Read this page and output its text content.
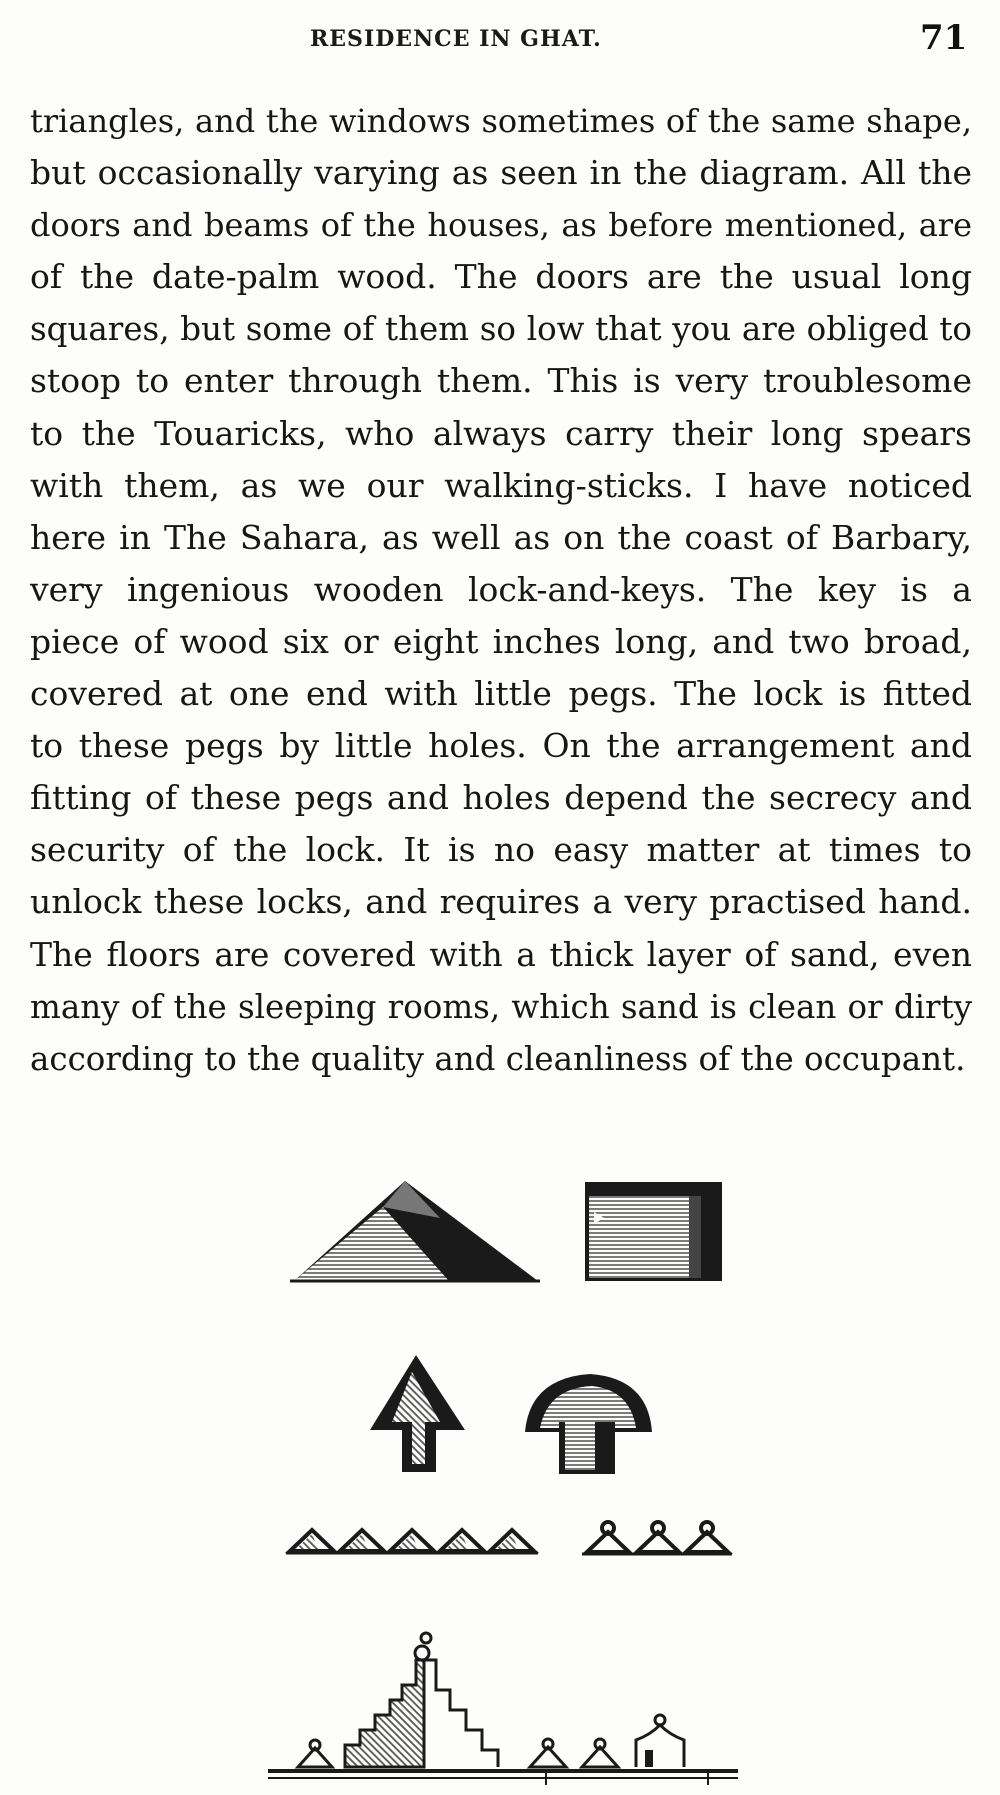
RESIDENCE IN GHAT.	71
triangles, and the windows sometimes of the same shape,
but occasionally varying as seen in the diagram. All the
doors and beams of the houses, as before mentioned, are
of the date-palm wood. The doors are the usual long
squares, but some of them so low that you are obliged to
stoop to enter through them. This is very troublesome
to the Touaricks, who always carry their long spears
with them, as we our walking-sticks. I have noticed
here in The Sahara, as well as on the coast of Barbary,
very ingenious wooden lock-and-keys. The key is a
piece of wood six or eight inches long, and two broad,
covered at one end with little pegs. The lock is fitted
to these pegs by little holes. On the arrangement and
fitting of these pegs and holes depend the secrecy and
security of the lock. It is no easy matter at times to
unlock these locks, and requires a very practised hand.
The floors are covered with a thick layer of sand, even
many of the sleeping rooms, which sand is clean or dirty
according to the quality and cleanliness of the occupant.
